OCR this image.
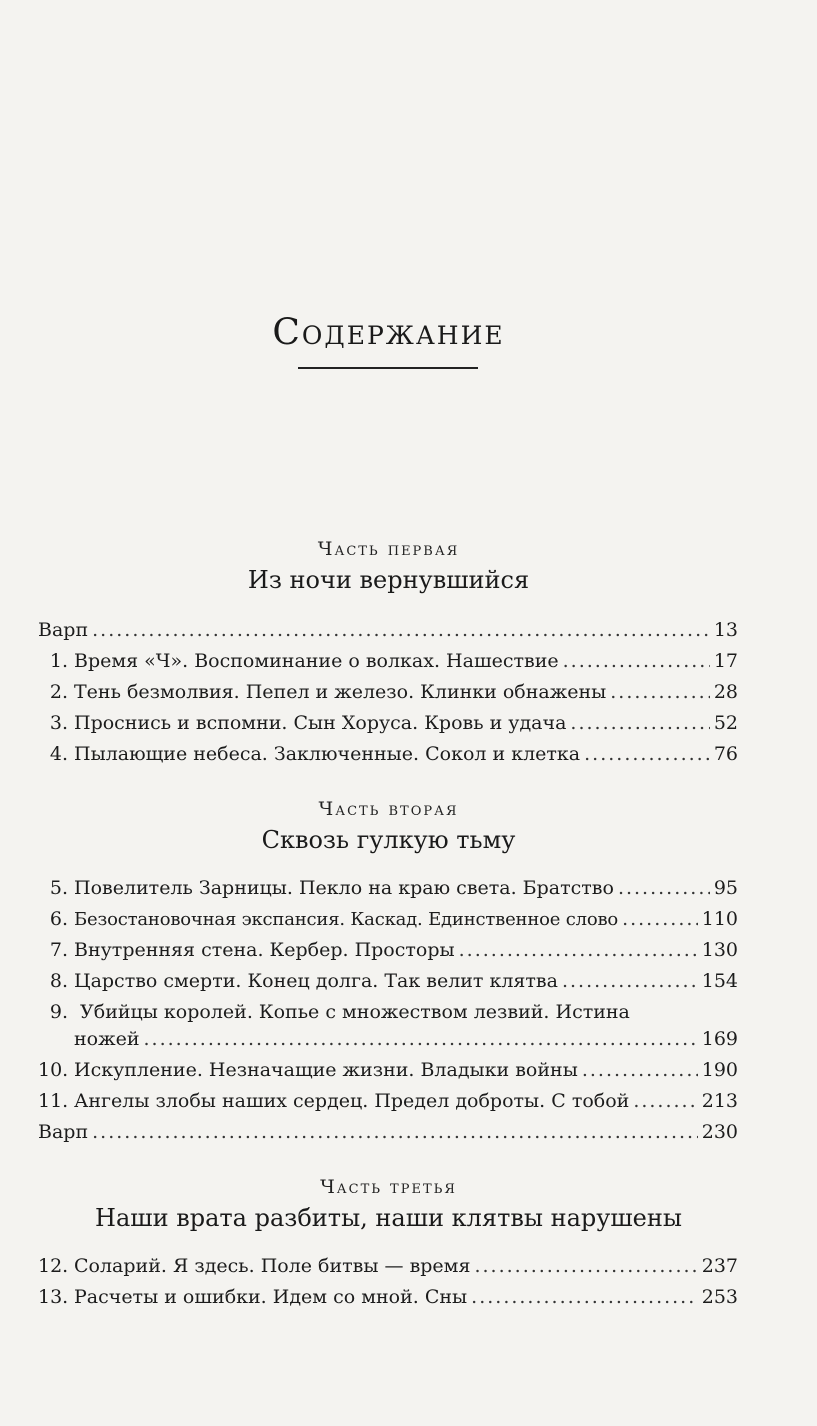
Содержание
Часть первая
Из ночи вернувшийся
Варп .....	13
1. Время «Ч». Воспоминание о волках. Нашествие .....	17
2. Тень безмолвия. Пепел и железо. Клинки обнажены .....	28
3. Проснись и вспомни. Сын Хоруса. Кровь и удача .....	52
4. Пылающие небеса. Заключенные. Сокол и клетка .....	76
Часть вторая
Сквозь гулкую тьму
5. Повелитель Зарницы. Пекло на краю света. Братство .....	95
6. Безостановочная экспансия. Каскад. Единственное слово .....	110
7. Внутренняя стена. Кербер. Просторы .....	130
8. Царство смерти. Конец долга. Так велит клятва .....	154
9. Убийцы королей. Копье с множеством лезвий. Истина
ножей .....	169
10. Искупление. Незначащие жизни. Владыки войны .....	190
11. Ангелы злобы наших сердец. Предел доброты. С тобой .....	213
Варп .....	230
Часть третья
Наши врата разбиты, наши клятвы нарушены
12. Соларий. Я здесь. Поле битвы — время .....	237
13. Расчеты и ошибки. Идем со мной. Сны .....	253
